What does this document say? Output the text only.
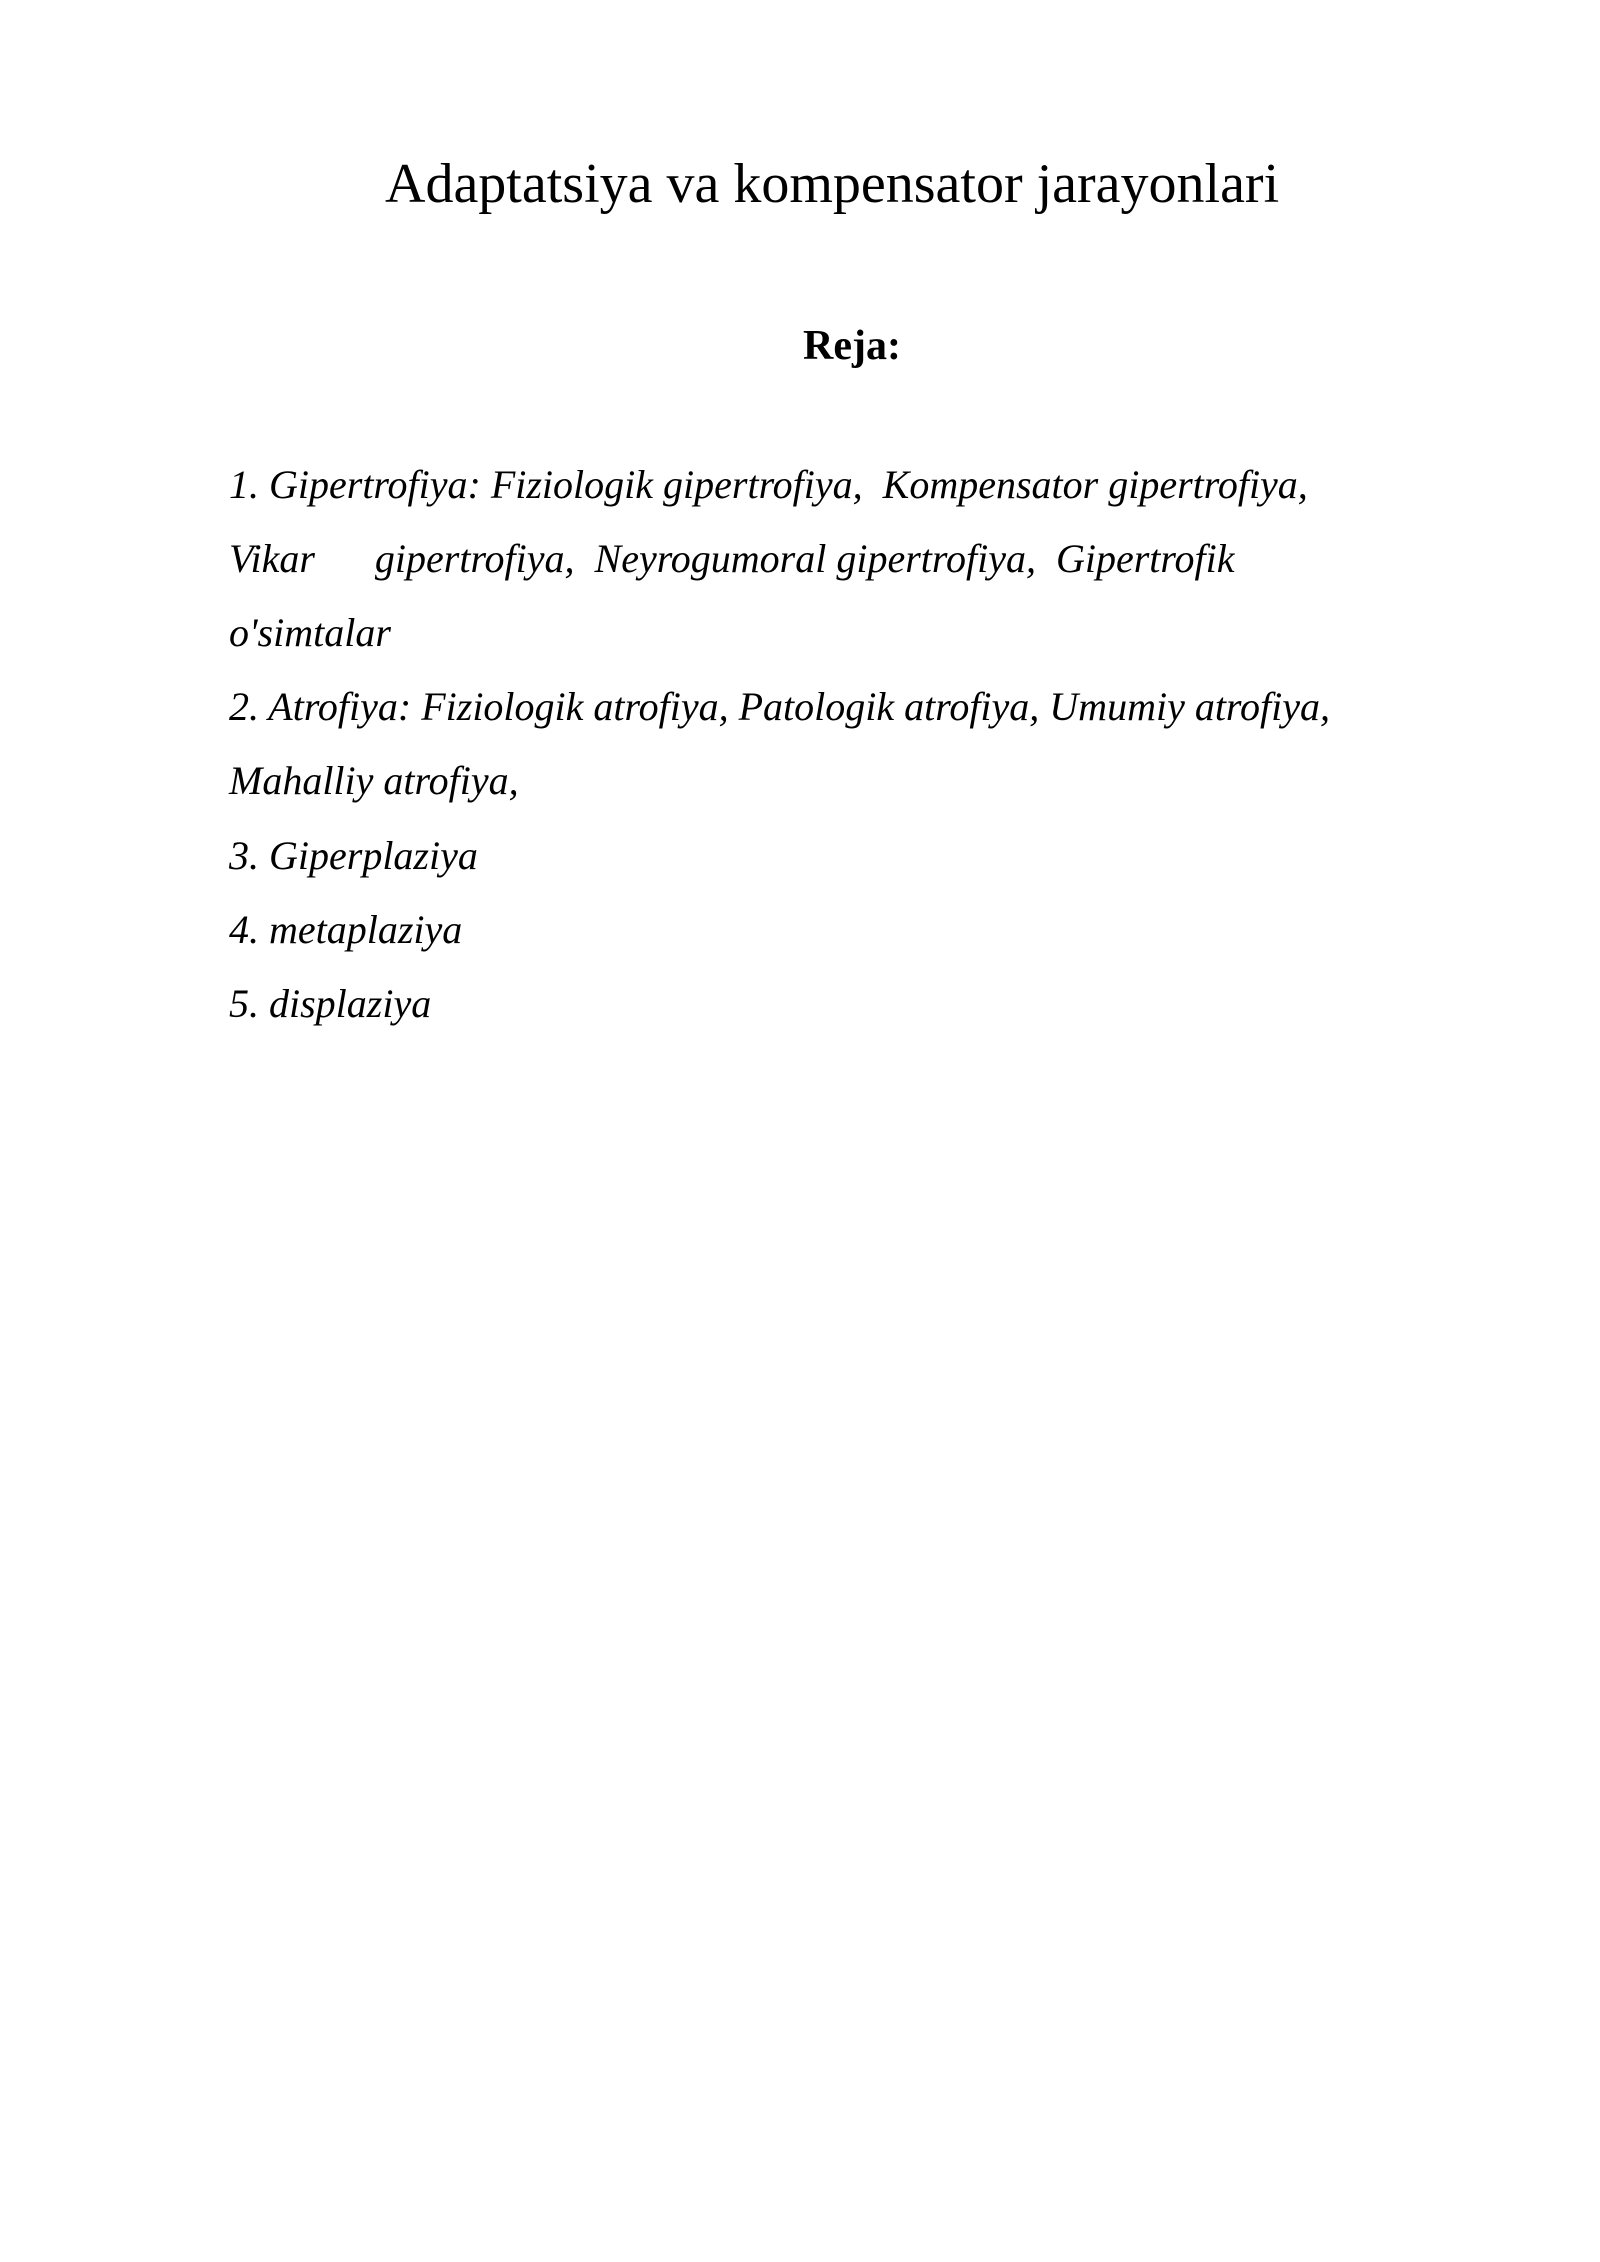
Adaptatsiya va kompensator jarayonlari
Reja:

1. Gipertrofiya: Fiziologik gipertrofiya,  Kompensator gipertrofiya,

Vikar      gipertrofiya,  Neyrogumoral gipertrofiya,  Gipertrofik

o'simtalar

2. Atrofiya: Fiziologik atrofiya, Patologik atrofiya, Umumiy atrofiya,

Mahalliy atrofiya,

3. Giperplaziya

4. metaplaziya

5. displaziya
